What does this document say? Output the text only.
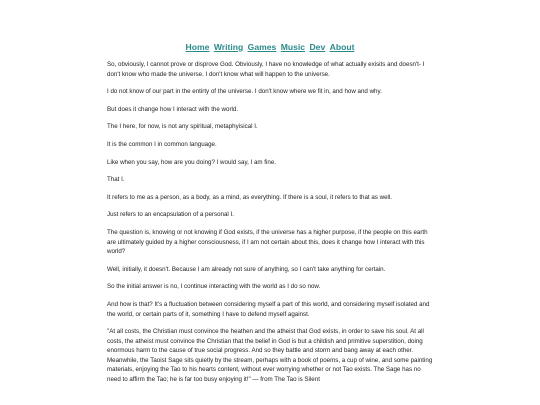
Home Writing Games Music Dev About

So, obviously, I cannot prove or disprove God. Obviously, I have no knowledge of what actually exisits and doesn't- I don't know who made the universe. I don't know what will happen to the universe.

I do not know of our part in the entirty of the universe. I don't know where we fit in, and how and why.

But does it change how I interact with the world.

The I here, for now, is not any spiritual, metaphyisical I.

It is the common I in common language.

Like when you say, how are you doing? I would say, I am fine.

That I.

It refers to me as a person, as a body, as a mind, as everything. If there is a soul, it refers to that as well.

Just refers to an encapsulation of a personal I.

The question is, knowing or not knowing if God exists, if the universe has a higher purpose, if the people on this earth are ultimately guided by a higher consciousness, if I am not certain about this, does it change how I interact with this world?

Well, initially, it doesn't. Because I am already not sure of anything, so I can't take anything for certain.

So the initial answer is no, I continue interacting with the world as I do so now.

And how is that? It's a fluctuation between considering myself a part of this world, and considering myself isolated and the world, or certain parts of it, something I have to defend myself against.

"At all costs, the Christian must convince the heathen and the atheist that God exists, in order to save his soul. At all costs, the atheist must convince the Christian that the belief in God is but a childish and primitive superstition, doing enormous harm to the cause of true social progress. And so they battle and storm and bang away at each other. Meanwhile, the Taoist Sage sits quietly by the stream, perhaps with a book of poems, a cup of wine, and some painting materials, enjoying the Tao to his hearts content, without ever worrying whether or not Tao exists. The Sage has no need to affirm the Tao; he is far too busy enjoying it!" — from The Tao is Silent
